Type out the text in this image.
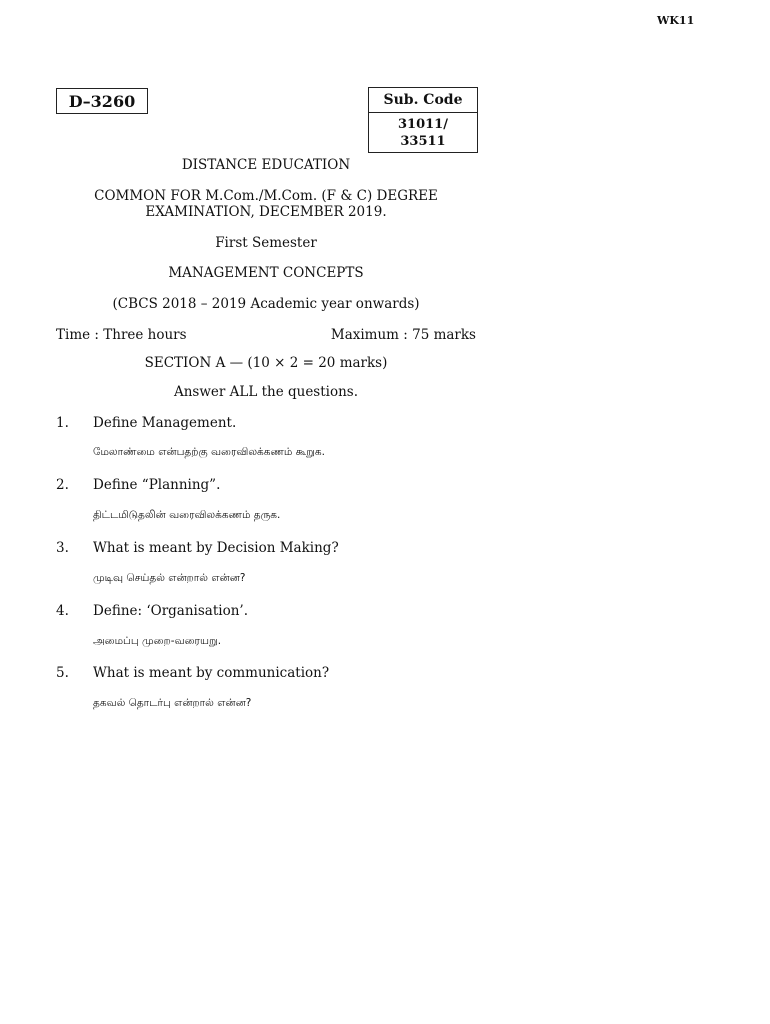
WK11
D–3260	Sub. Code
31011/
33511
DISTANCE EDUCATION
COMMON FOR M.Com./M.Com. (F & C) DEGREE
EXAMINATION, DECEMBER 2019.
First Semester
MANAGEMENT CONCEPTS
(CBCS 2018 – 2019 Academic year onwards)
Time : Three hours	Maximum : 75 marks
SECTION A — (10 × 2 = 20 marks)
Answer ALL the questions.
1. Define Management.
மேலாண்மை என்பதற்கு வரைவிலக்கணம் கூறுக.
2. Define “Planning”.
திட்டமிடுதலின் வரைவிலக்கணம் தருக.
3. What is meant by Decision Making?
முடிவு செய்தல் என்றால் என்ன?
4. Define: ‘Organisation’.
அமைப்பு முறை-வரையறு.
5. What is meant by communication?
தகவல் தொடர்பு என்றால் என்ன?
